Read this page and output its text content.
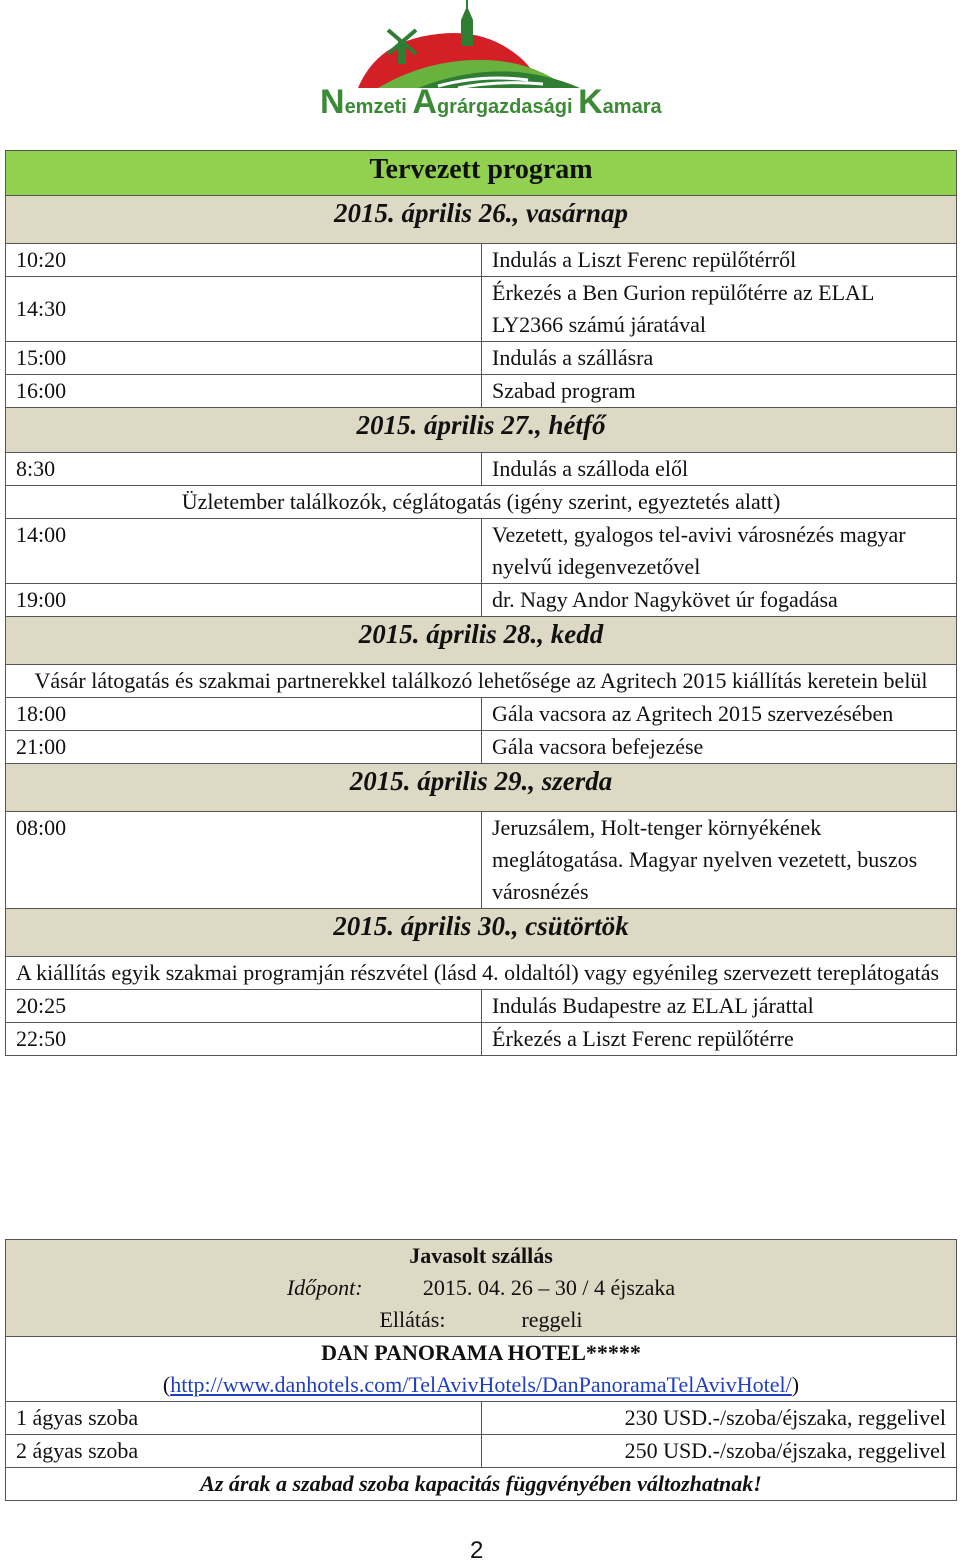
Nemzeti Agrárgazdasági Kamara
Tervezett program	
2015. április 26., vasárnap	
10:20	Indulás a Liszt Ferenc repülőtérről
14:30	Érkezés a Ben Gurion repülőtérre az ELAL LY2366 számú járatával
15:00	Indulás a szállásra
16:00	Szabad program
2015. április 27., hétfő	
8:30	Indulás a szálloda elől
Üzletember találkozók, céglátogatás (igény szerint, egyeztetés alatt)	
14:00	Vezetett, gyalogos tel-avivi városnézés magyar nyelvű idegenvezetővel
19:00	dr. Nagy Andor Nagykövet úr fogadása
2015. április 28., kedd	
Vásár látogatás és szakmai partnerekkel találkozó lehetősége az Agritech 2015 kiállítás keretein belül	
18:00	Gála vacsora az Agritech 2015 szervezésében
21:00	Gála vacsora befejezése
2015. április 29., szerda	
08:00	Jeruzsálem, Holt-tenger környékének meglátogatása. Magyar nyelven vezetett, buszos városnézés
2015. április 30., csütörtök	
A kiállítás egyik szakmai programján részvétel (lásd 4. oldaltól) vagy egyénileg szervezett tereplátogatás	
20:25	Indulás Budapestre az ELAL járattal
22:50	Érkezés a Liszt Ferenc repülőtérre
Javasolt szállás
Időpont: 2015. 04. 26 – 30 / 4 éjszaka
Ellátás: reggeli	

DAN PANORAMA HOTEL*****
(http://www.danhotels.com/TelAvivHotels/DanPanoramaTelAvivHotel/)	

1 ágyas szoba	230 USD.-/szoba/éjszaka, reggelivel
2 ágyas szoba	250 USD.-/szoba/éjszaka, reggelivel
Az árak a szabad szoba kapacitás függvényében változhatnak!	
2
